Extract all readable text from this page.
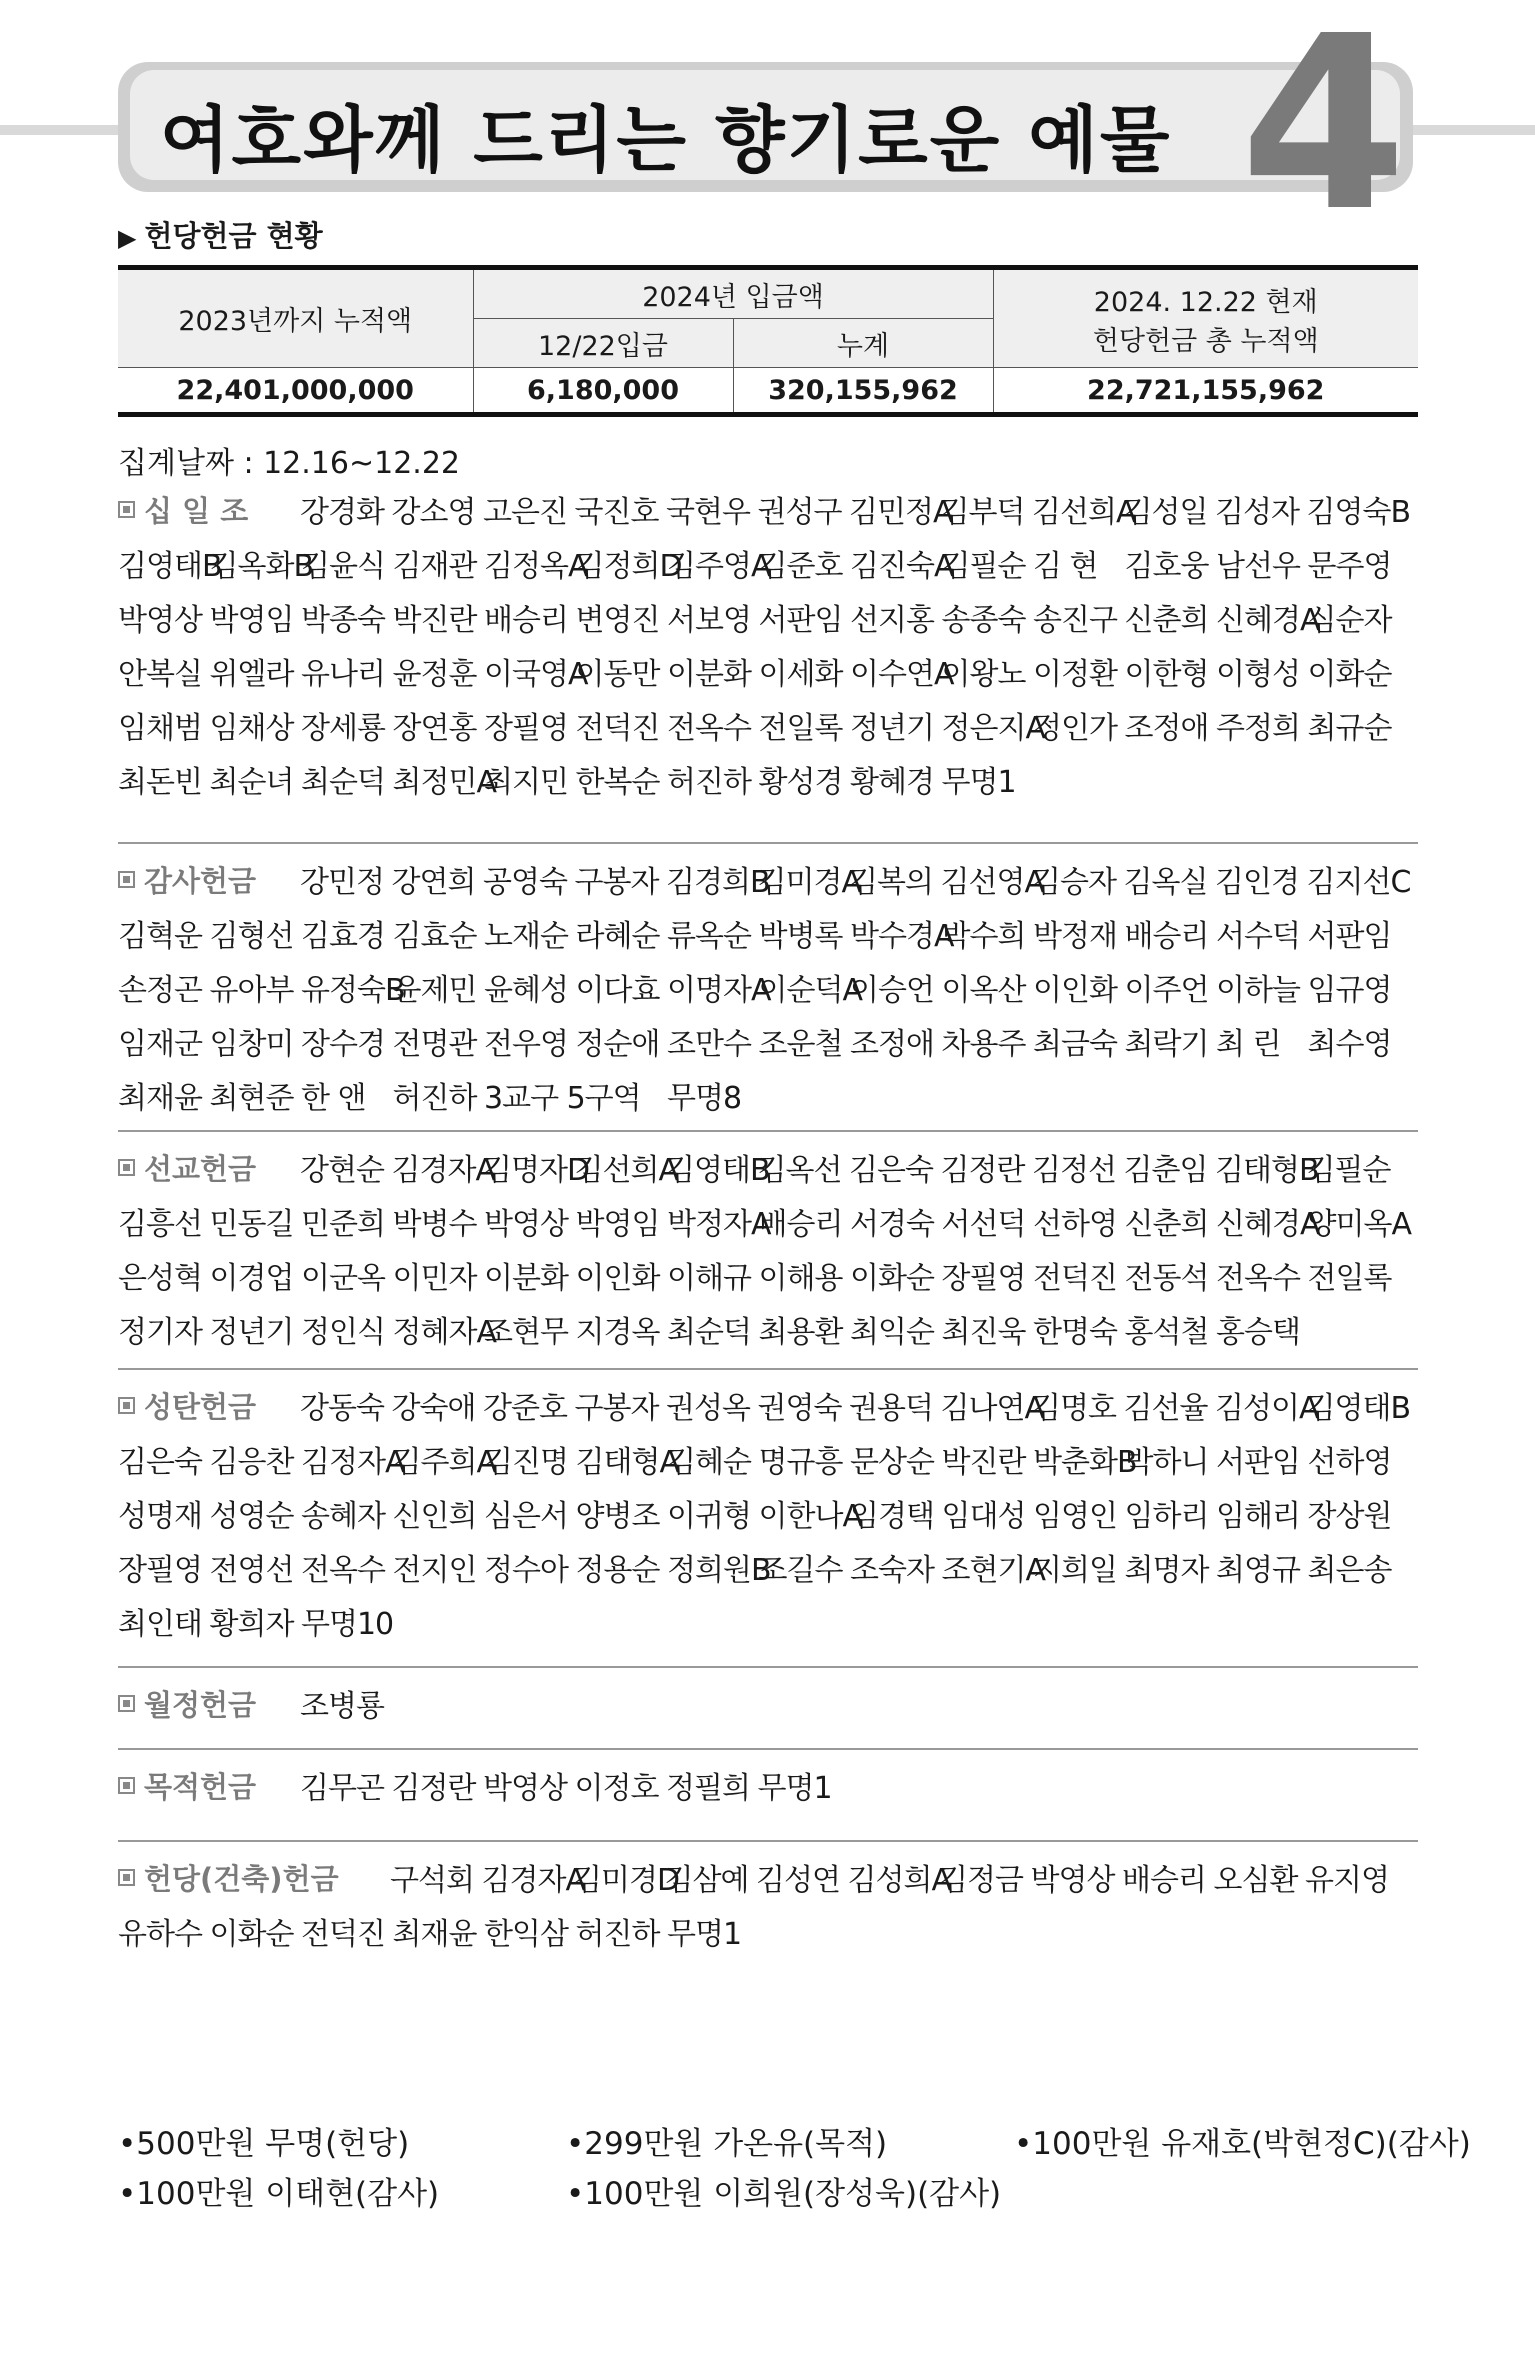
여호와께 드리는 향기로운 예물 4
▶ 헌당헌금 현황
2023년까지 누적액	2024년 입금액		2024. 12.22 현재
헌당헌금 총 누적액

	12/22입금	누계	
22,401,000,000	6,180,000	320,155,962	22,721,155,962
집계날짜 : 12.16~12.22
십 일 조 강경화 강소영 고은진 국진호 국현우 권성구 김민정A
김부덕 김선희A
김성일 김성자 김영숙B
김영태B
김옥화B
김윤식 김재관 김정옥A
김정희D
김주영A
김준호 김진숙A
김필순 김 현 김호웅 남선우 문주영
박영상 박영임 박종숙 박진란 배승리 변영진 서보영 서판임 선지홍 송종숙 송진구 신춘희 신혜경A
심순자
안복실 위엘라 유나리 윤정훈 이국영A
이동만 이분화 이세화 이수연A
이왕노 이정환 이한형 이형성 이화순
임채범 임채상 장세룡 장연홍 장필영 전덕진 전옥수 전일록 정년기 정은지A
정인가 조정애 주정희 최규순
최돈빈 최순녀 최순덕 최정민A
최지민 한복순 허진하 황성경 황혜경 무명1
감사헌금 강민정 강연희 공영숙 구봉자 김경희B
김미경A
김복의 김선영A
김승자 김옥실 김인경 김지선C
김혁운 김형선 김효경 김효순 노재순 라혜순 류옥순 박병록 박수경A
박수희 박정재 배승리 서수덕 서판임
손정곤 유아부 유정숙B
윤제민 윤혜성 이다효 이명자A
이순덕A
이승언 이옥산 이인화 이주언 이하늘 임규영
임재군 임창미 장수경 전명관 전우영 정순애 조만수 조운철 조정애 차용주 최금숙 최락기 최 린 최수영
최재윤 최현준 한 앤 허진하 3교구 5구역 무명8
선교헌금 강현순 김경자A
김명자D
김선희A
김영태B
김옥선 김은숙 김정란 김정선 김춘임 김태형B
김필순
김흥선 민동길 민준희 박병수 박영상 박영임 박정자A
배승리 서경숙 서선덕 선하영 신춘희 신혜경A
양미옥A
은성혁 이경업 이군옥 이민자 이분화 이인화 이해규 이해용 이화순 장필영 전덕진 전동석 전옥수 전일록
정기자 정년기 정인식 정혜자A
조현무 지경옥 최순덕 최용환 최익순 최진욱 한명숙 홍석철 홍승택
성탄헌금 강동숙 강숙애 강준호 구봉자 권성옥 권영숙 권용덕 김나연A
김명호 김선율 김성이A
김영태B
김은숙 김응찬 김정자A
김주희A
김진명 김태형A
김혜순 명규흥 문상순 박진란 박춘화B
박하니 서판임 선하영
성명재 성영순 송혜자 신인희 심은서 양병조 이귀형 이한나A
임경택 임대성 임영인 임하리 임해리 장상원
장필영 전영선 전옥수 전지인 정수아 정용순 정희원B
조길수 조숙자 조현기A
지희일 최명자 최영규 최은송
최인태 황희자 무명10
월정헌금 조병룡
목적헌금 김무곤 김정란 박영상 이정호 정필희 무명1
헌당(건축)헌금 구석회 김경자A
김미경D
김삼예 김성연 김성희A
김정금 박영상 배승리 오심환 유지영
유하수 이화순 전덕진 최재윤 한익삼 허진하 무명1
•500만원 무명(헌당)	•299만원 가온유(목적)	•100만원 유재호(박현정C)(감사)
•100만원 이태현(감사)	•100만원 이희원(장성욱)(감사)
